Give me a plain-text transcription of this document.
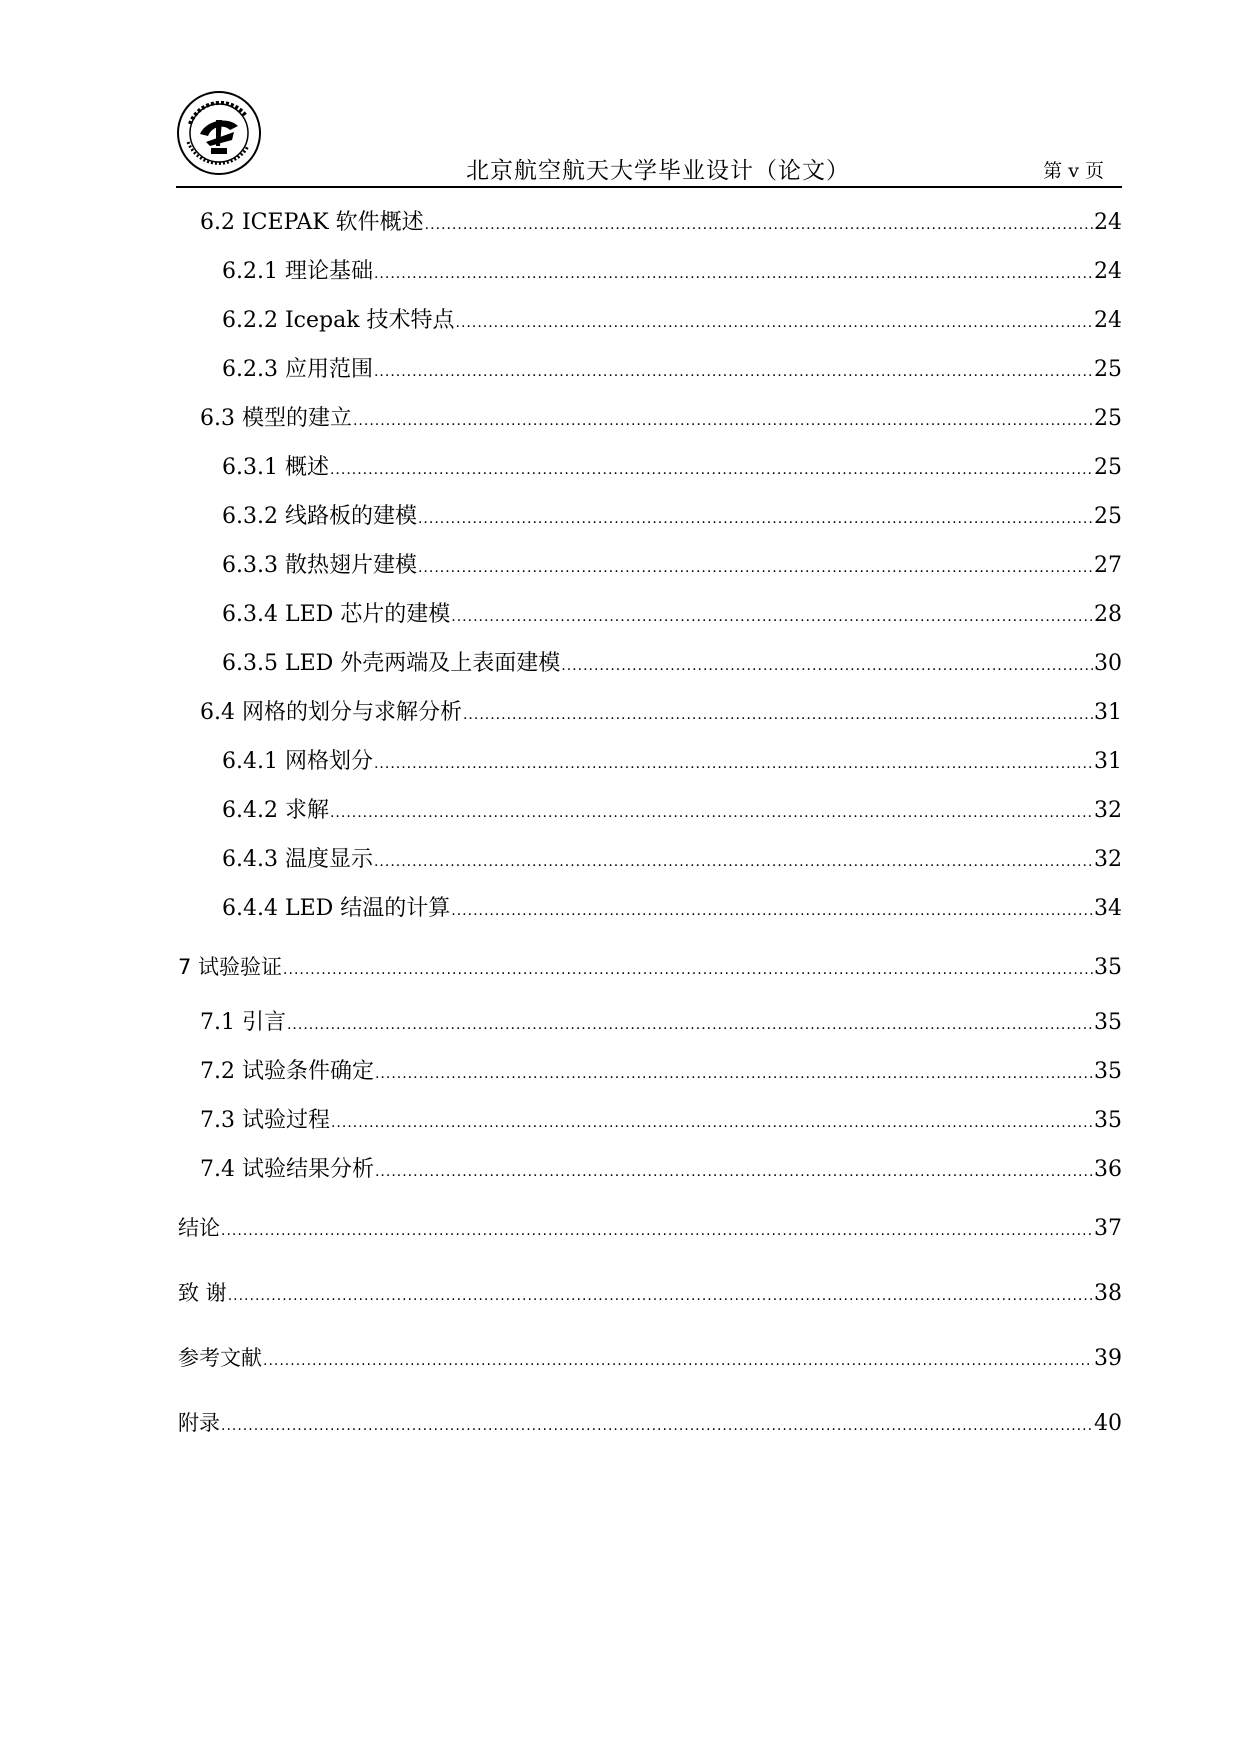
北京航空航天大学毕业设计（论文）	第 v 页
6.2 ICEPAK 软件概述 .....	24
6.2.1 理论基础 .....	24
6.2.2 Icepak 技术特点 .....	24
6.2.3 应用范围 .....	25
6.3 模型的建立 .....	25
6.3.1 概述 .....	25
6.3.2 线路板的建模 .....	25
6.3.3 散热翅片建模 .....	27
6.3.4 LED 芯片的建模 .....	28
6.3.5 LED 外壳两端及上表面建模 .....	30
6.4 网格的划分与求解分析 .....	31
6.4.1 网格划分 .....	31
6.4.2 求解 .....	32
6.4.3 温度显示 .....	32
6.4.4 LED 结温的计算 .....	34
7 试验验证 .....	35
7.1 引言 .....	35
7.2 试验条件确定 .....	35
7.3 试验过程 .....	35
7.4 试验结果分析 .....	36
结论 .....	37
致 谢 .....	38
参考文献 .....	39
附录 .....	40
